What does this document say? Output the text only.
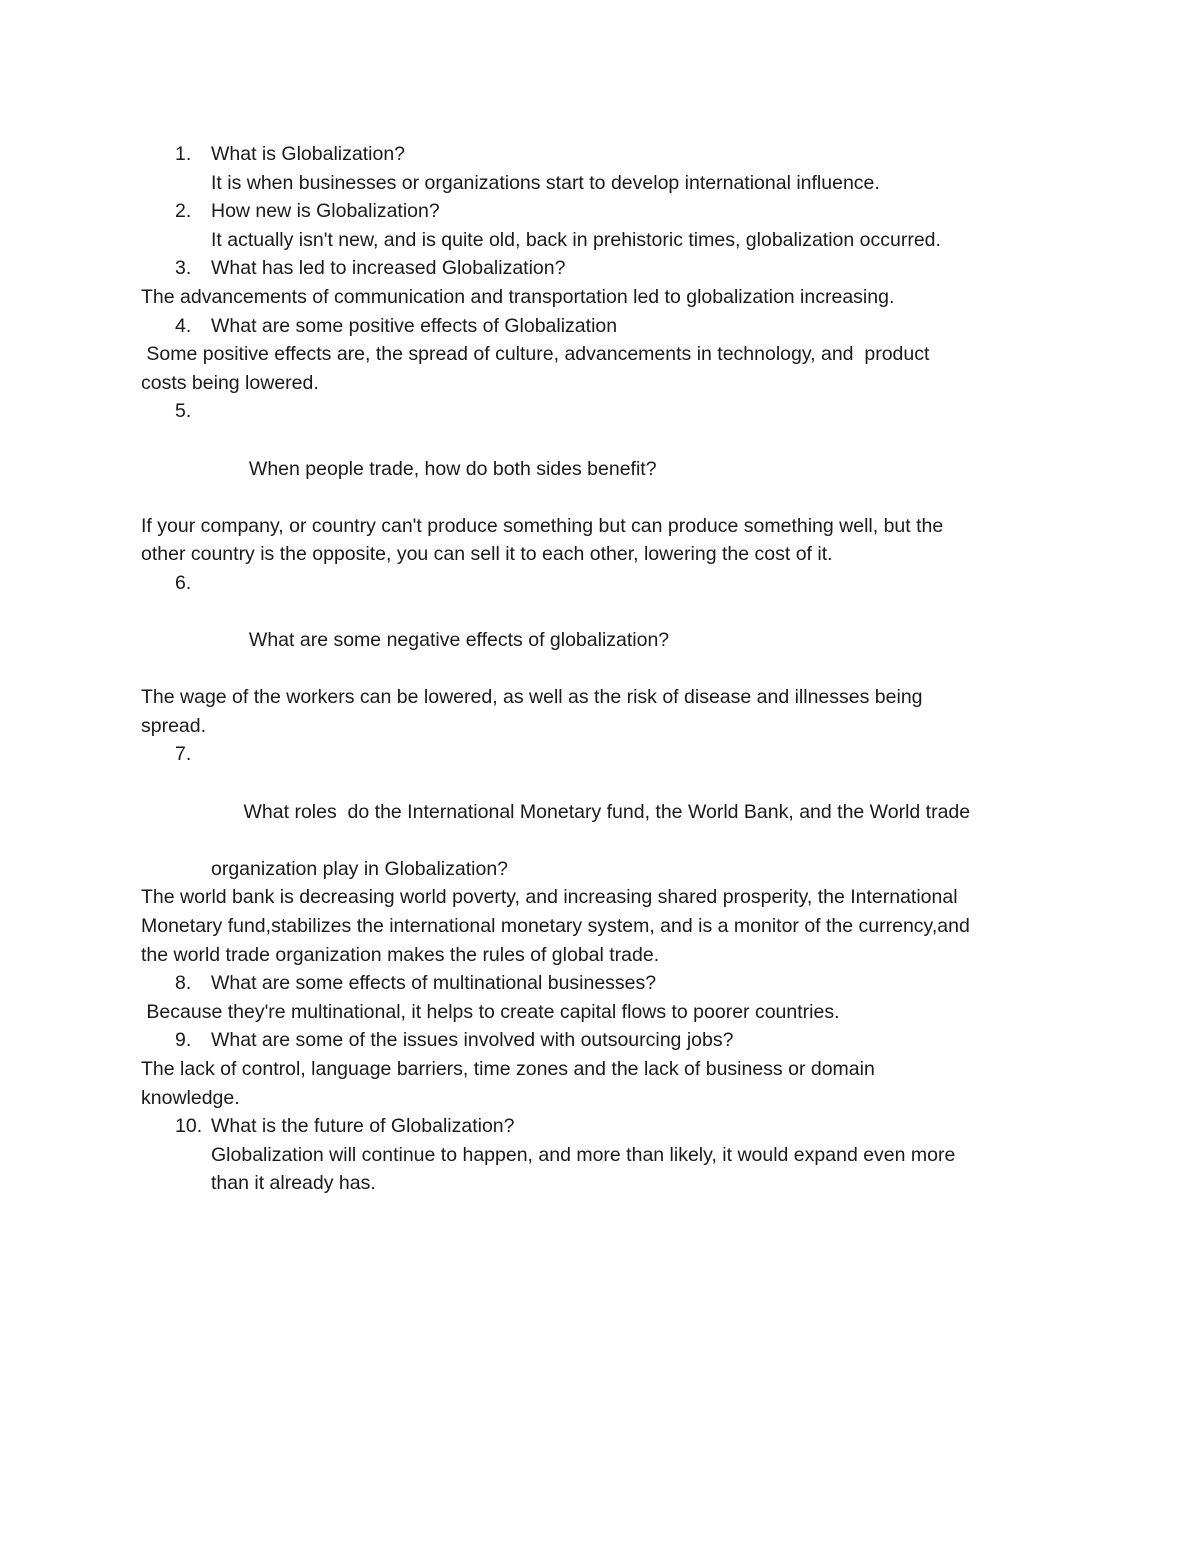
1. What is Globalization?
It is when businesses or organizations start to develop international influence.
2. How new is Globalization?
It actually isn't new, and is quite old, back in prehistoric times, globalization occurred.
3. What has led to increased Globalization?
The advancements of communication and transportation led to globalization increasing.
4. What are some positive effects of Globalization
Some positive effects are, the spread of culture, advancements in technology, and  product
costs being lowered.

5.

When people trade, how do both sides benefit?

If your company, or country can't produce something but can produce something well, but the
other country is the opposite, you can sell it to each other, lowering the cost of it.

6.

What are some negative effects of globalization?

The wage of the workers can be lowered, as well as the risk of disease and illnesses being
spread.

7.

What roles  do the International Monetary fund, the World Bank, and the World trade

organization play in Globalization?
The world bank is decreasing world poverty, and increasing shared prosperity, the International
Monetary fund,stabilizes the international monetary system, and is a monitor of the currency,and
the world trade organization makes the rules of global trade.
8. What are some effects of multinational businesses?
Because they're multinational, it helps to create capital flows to poorer countries.
9. What are some of the issues involved with outsourcing jobs?
The lack of control, language barriers, time zones and the lack of business or domain
knowledge.
10. What is the future of Globalization?
Globalization will continue to happen, and more than likely, it would expand even more
than it already has.
